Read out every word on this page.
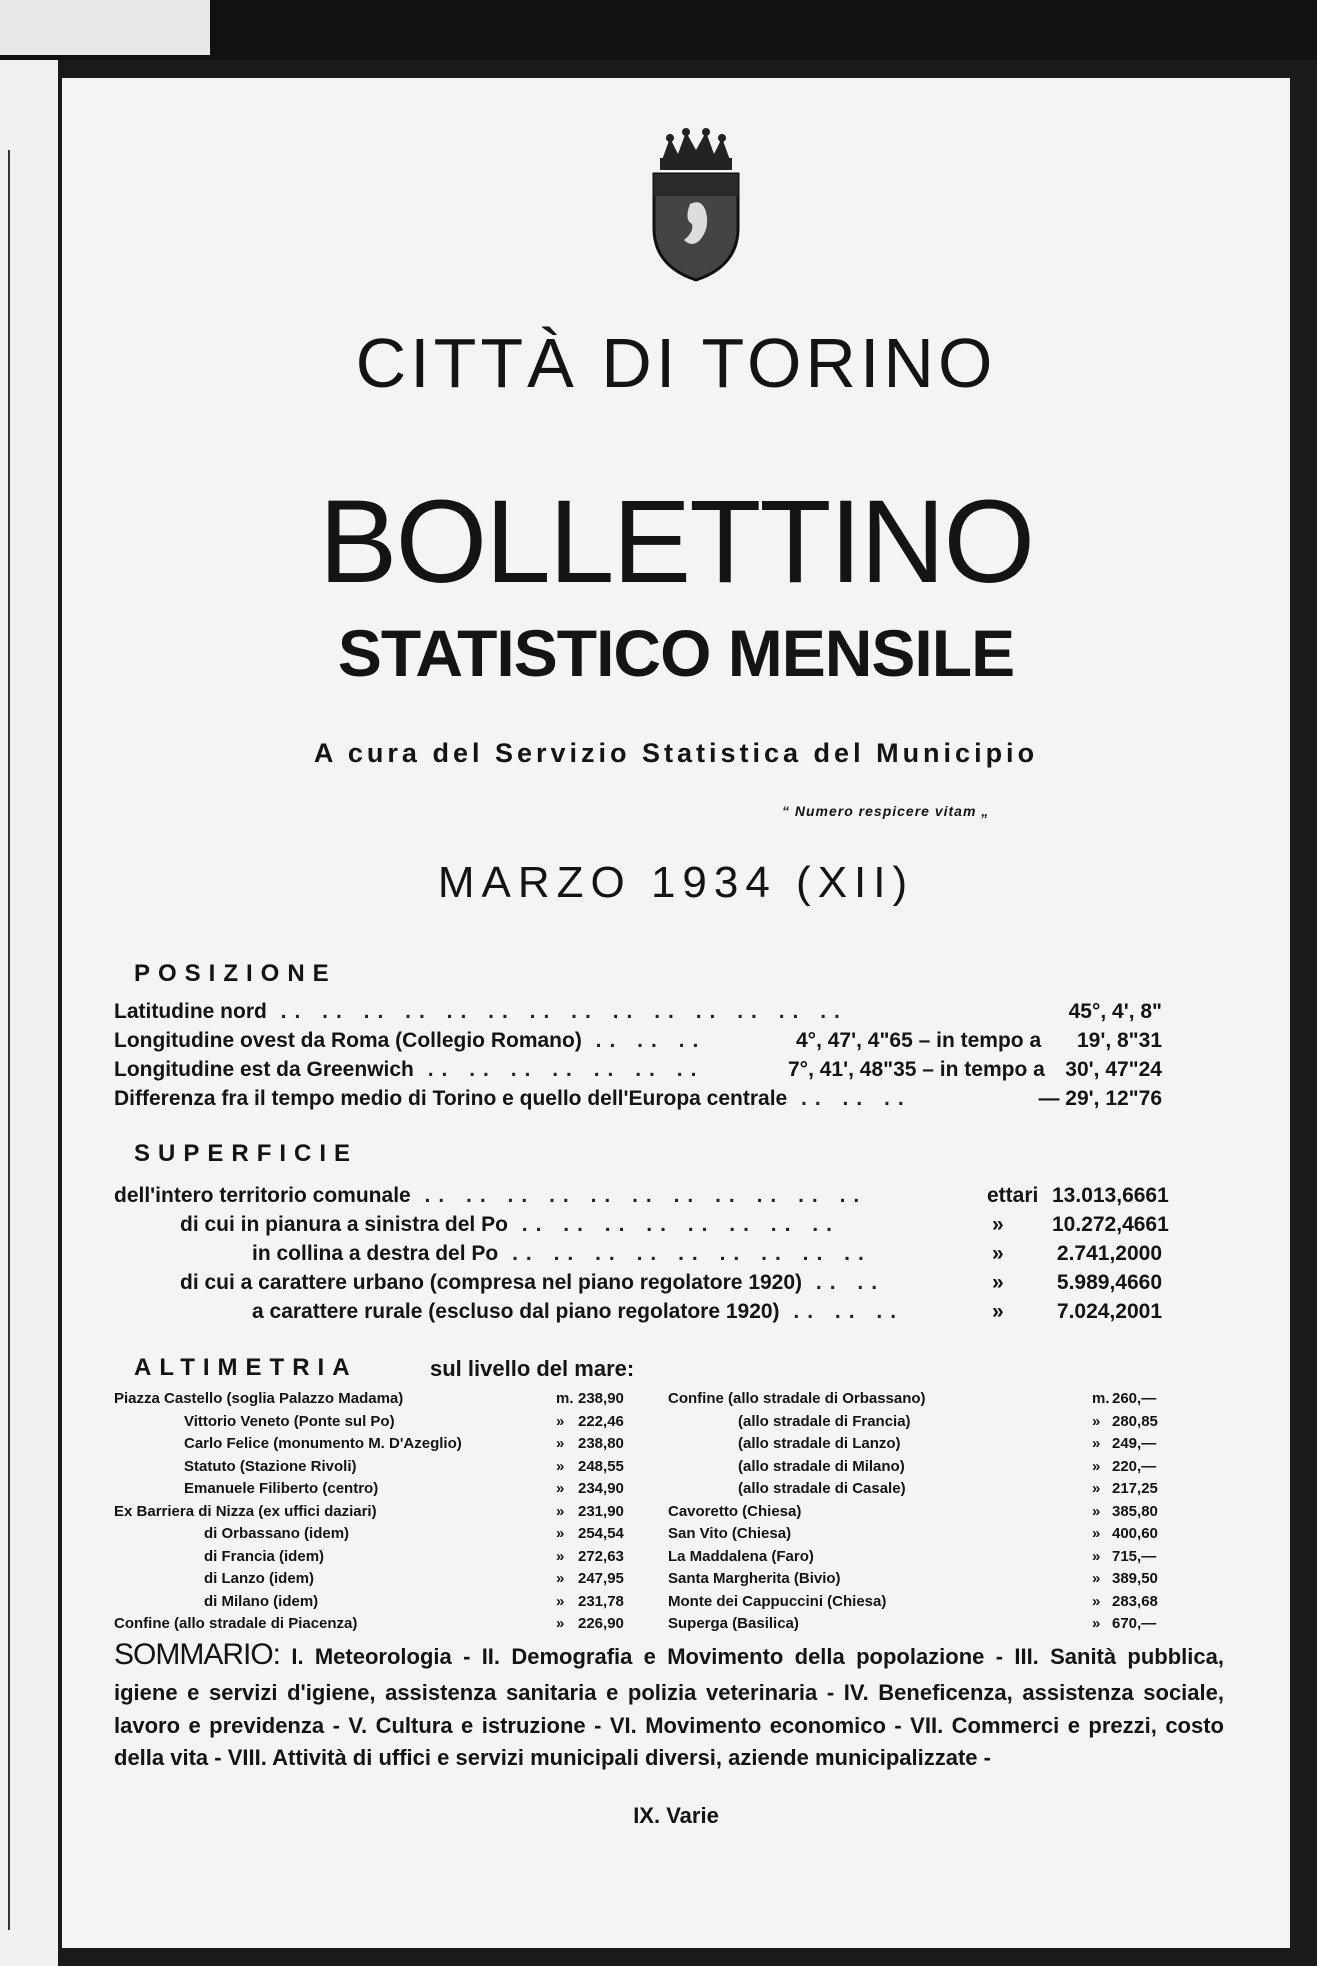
CITTÀ DI TORINO
BOLLETTINO
STATISTICO MENSILE

A cura del Servizio Statistica del Municipio

“ Numero respicere vitam „

MARZO 1934 (XII)

POSIZIONE
Latitudine nord .. .. .. .. .. .. .. .. .. .. .. .. .. ..	45°, 4', 8"
Longitudine ovest da Roma (Collegio Romano) .. .. ..	4°, 47', 4"65 – in tempo a	19', 8"31
Longitudine est da Greenwich .. .. .. .. .. .. ..	7°, 41', 48"35 – in tempo a 30', 47"24
Differenza fra il tempo medio di Torino e quello dell'Europa centrale .. .. ..	— 29', 12"76
SUPERFICIE
dell'intero territorio comunale .. .. .. .. .. .. .. .. .. .. ..	ettari 13.013,6661
di cui in pianura a sinistra del Po .. .. .. .. .. .. .. ..	» 10.272,4661
in collina a destra del Po .. .. .. .. .. .. .. .. ..	»	2.741,2000
di cui a carattere urbano (compresa nel piano regolatore 1920) .. ..	»	5.989,4660
a carattere rurale (escluso dal piano regolatore 1920) .. .. ..	»	7.024,2001
ALTIMETRIA	sul livello del mare:
Piazza Castello (soglia Palazzo Madama)	m. 238,90
Vittorio Veneto (Ponte sul Po)	» 222,46
Carlo Felice (monumento M. D'Azeglio)	» 238,80
Statuto (Stazione Rivoli)	» 248,55
Emanuele Filiberto (centro)	» 234,90
Ex Barriera di Nizza (ex uffici daziari)	» 231,90
di Orbassano (idem)	» 254,54
di Francia (idem)	» 272,63
di Lanzo (idem)	» 247,95
di Milano (idem)	» 231,78
Confine (allo stradale di Piacenza)	» 226,90
Confine (allo stradale di Orbassano)	m. 260,—
(allo stradale di Francia)	» 280,85
(allo stradale di Lanzo)	» 249,—
(allo stradale di Milano)	» 220,—
(allo stradale di Casale)	» 217,25
Cavoretto (Chiesa)	» 385,80
San Vito (Chiesa)	» 400,60
La Maddalena (Faro)	» 715,—
Santa Margherita (Bivio)	» 389,50
Monte dei Cappuccini (Chiesa)	» 283,68
Superga (Basilica)	» 670,—
SOMMARIO: I. Meteorologia - II. Demografia e Movimento della popolazione - III. Sanità pubblica, igiene e servizi d'igiene, assistenza sanitaria e polizia veterinaria - IV. Beneficenza, assistenza sociale, lavoro e previdenza - V. Cultura e istruzione - VI. Movimento economico - VII. Commerci e prezzi, costo della vita - VIII. Attività di uffici e servizi municipali diversi, aziende municipalizzate -
IX. Varie
